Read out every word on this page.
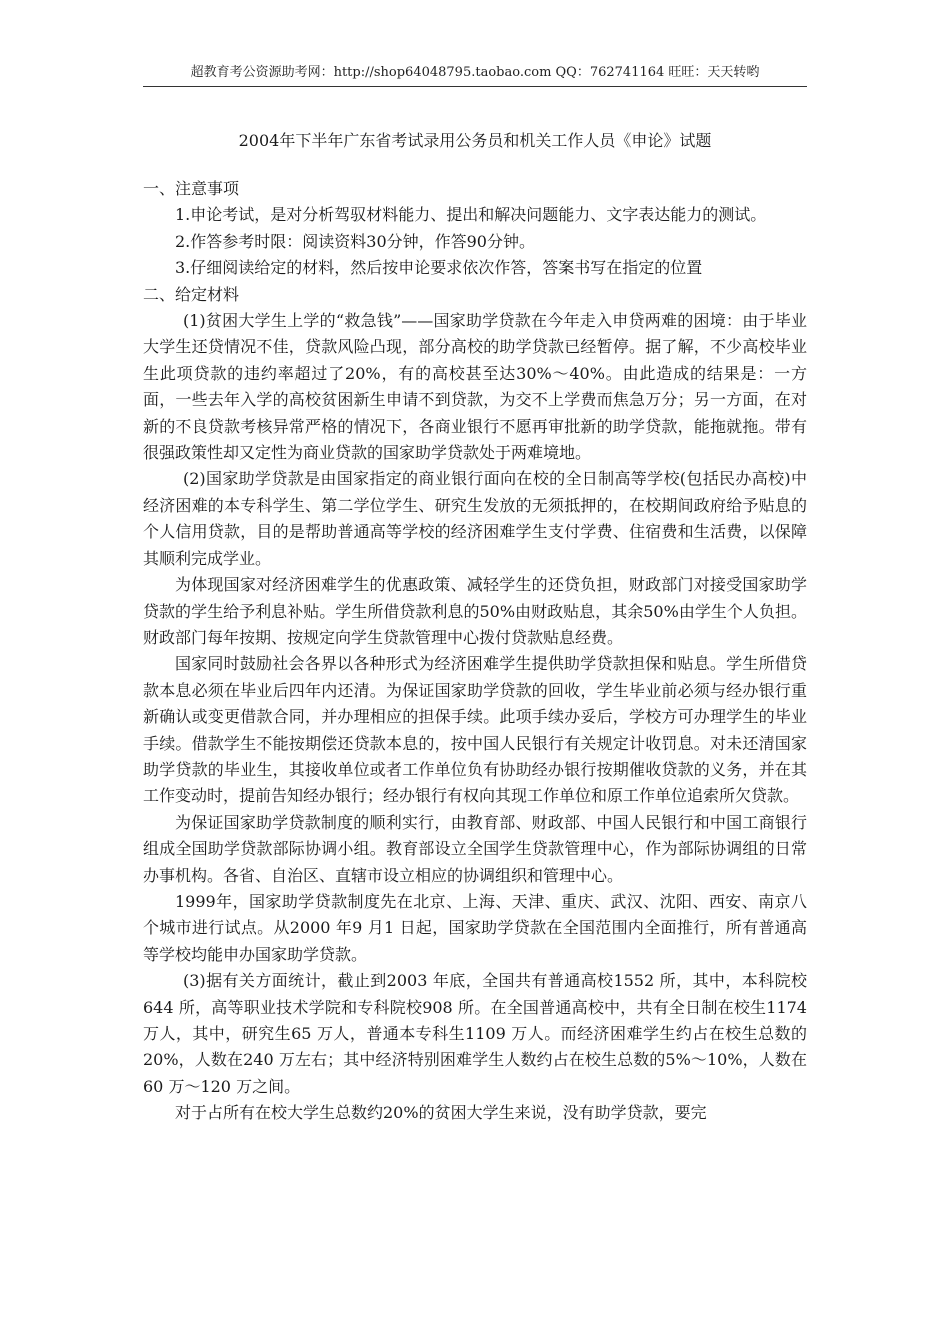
超教育考公资源助考网：http://shop64048795.taobao.com QQ：762741164 旺旺：天天转哟
2004年下半年广东省考试录用公务员和机关工作人员《申论》试题

一、注意事项

1.申论考试，是对分析驾驭材料能力、提出和解决问题能力、文字表达能力的测试。

2.作答参考时限：阅读资料30分钟，作答90分钟。

3.仔细阅读给定的材料，然后按申论要求依次作答，答案书写在指定的位置

二、给定材料

(1)贫困大学生上学的“救急钱”——国家助学贷款在今年走入申贷两难的困境：由于毕业大学生还贷情况不佳，贷款风险凸现，部分高校的助学贷款已经暂停。据了解，不少高校毕业生此项贷款的违约率超过了20%，有的高校甚至达30%～40%。由此造成的结果是：一方面，一些去年入学的高校贫困新生申请不到贷款，为交不上学费而焦急万分；另一方面，在对新的不良贷款考核异常严格的情况下，各商业银行不愿再审批新的助学贷款，能拖就拖。带有很强政策性却又定性为商业贷款的国家助学贷款处于两难境地。

(2)国家助学贷款是由国家指定的商业银行面向在校的全日制高等学校(包括民办高校)中经济困难的本专科学生、第二学位学生、研究生发放的无须抵押的，在校期间政府给予贴息的个人信用贷款，目的是帮助普通高等学校的经济困难学生支付学费、住宿费和生活费，以保障其顺利完成学业。

为体现国家对经济困难学生的优惠政策、减轻学生的还贷负担，财政部门对接受国家助学贷款的学生给予利息补贴。学生所借贷款利息的50%由财政贴息，其余50%由学生个人负担。财政部门每年按期、按规定向学生贷款管理中心拨付贷款贴息经费。

国家同时鼓励社会各界以各种形式为经济困难学生提供助学贷款担保和贴息。学生所借贷款本息必须在毕业后四年内还清。为保证国家助学贷款的回收，学生毕业前必须与经办银行重新确认或变更借款合同，并办理相应的担保手续。此项手续办妥后，学校方可办理学生的毕业手续。借款学生不能按期偿还贷款本息的，按中国人民银行有关规定计收罚息。对未还清国家助学贷款的毕业生，其接收单位或者工作单位负有协助经办银行按期催收贷款的义务，并在其工作变动时，提前告知经办银行；经办银行有权向其现工作单位和原工作单位追索所欠贷款。

为保证国家助学贷款制度的顺利实行，由教育部、财政部、中国人民银行和中国工商银行组成全国助学贷款部际协调小组。教育部设立全国学生贷款管理中心，作为部际协调组的日常办事机构。各省、自治区、直辖市设立相应的协调组织和管理中心。

1999年，国家助学贷款制度先在北京、上海、天津、重庆、武汉、沈阳、西安、南京八个城市进行试点。从2000 年9 月1 日起，国家助学贷款在全国范围内全面推行，所有普通高等学校均能申办国家助学贷款。

(3)据有关方面统计，截止到2003 年底，全国共有普通高校1552 所，其中，本科院校644 所，高等职业技术学院和专科院校908 所。在全国普通高校中，共有全日制在校生1174万人，其中，研究生65 万人，普通本专科生1109 万人。而经济困难学生约占在校生总数的20%，人数在240 万左右；其中经济特别困难学生人数约占在校生总数的5%～10%，人数在60 万～120 万之间。

对于占所有在校大学生总数约20%的贫困大学生来说，没有助学贷款，要完
